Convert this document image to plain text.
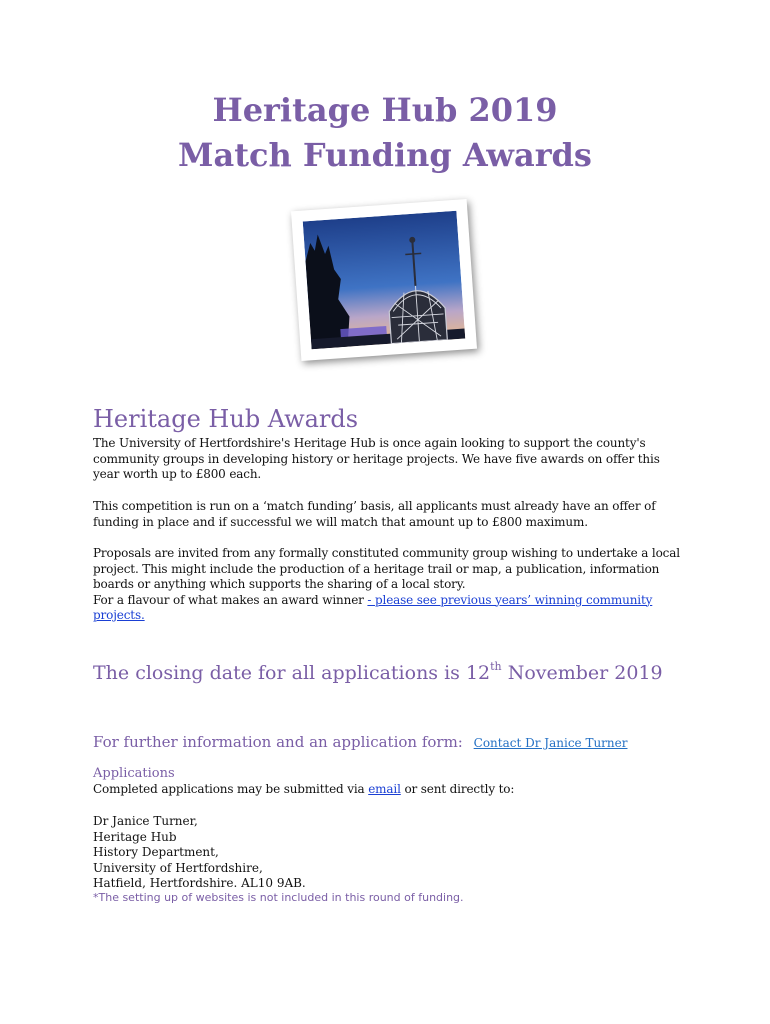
Heritage Hub 2019

Match Funding Awards

Heritage Hub Awards

The University of Hertfordshire's Heritage Hub is once again looking to support the county's community groups in developing history or heritage projects. We have five awards on offer this year worth up to £800 each.

This competition is run on a ‘match funding’ basis, all applicants must already have an offer of funding in place and if successful we will match that amount up to £800 maximum.

Proposals are invited from any formally constituted community group wishing to undertake a local project. This might include the production of a heritage trail or map, a publication, information boards or anything which supports the sharing of a local story.
For a flavour of what makes an award winner - please see previous years’ winning community projects.

The closing date for all applications is 12th November 2019

For further information and an application form: Contact Dr Janice Turner

Applications

Completed applications may be submitted via email or sent directly to:

Dr Janice Turner,
Heritage Hub
History Department,
University of Hertfordshire,
Hatfield, Hertfordshire. AL10 9AB.

*The setting up of websites is not included in this round of funding.
